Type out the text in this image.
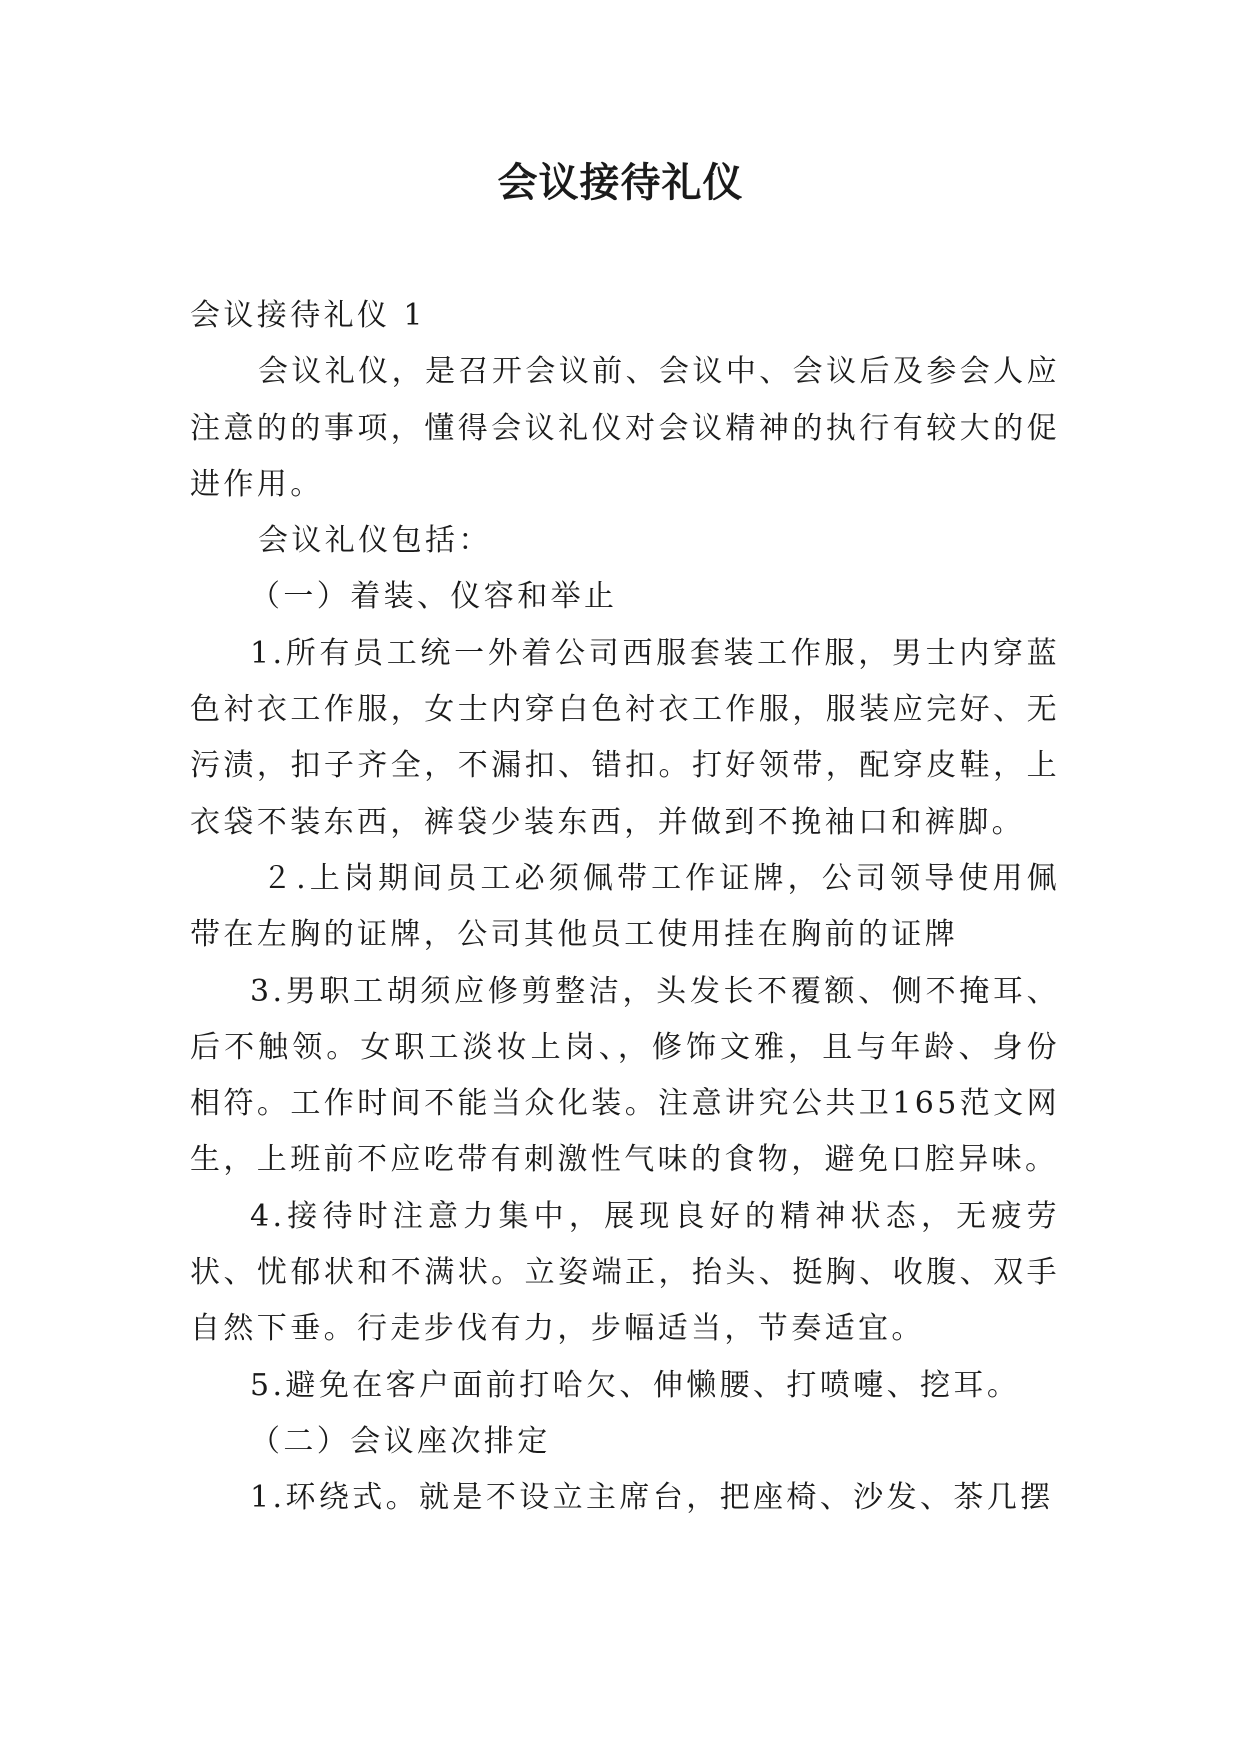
会议接待礼仪

会议接待礼仪 1

会议礼仪，是召开会议前、会议中、会议后及参会人应注意的的事项，懂得会议礼仪对会议精神的执行有较大的促进作用。

会议礼仪包括：

（一）着装、仪容和举止

1.所有员工统一外着公司西服套装工作服，男士内穿蓝色衬衣工作服，女士内穿白色衬衣工作服，服装应完好、无污渍，扣子齐全，不漏扣、错扣。打好领带，配穿皮鞋，上衣袋不装东西，裤袋少装东西，并做到不挽袖口和裤脚。

２.上岗期间员工必须佩带工作证牌，公司领导使用佩带在左胸的证牌，公司其他员工使用挂在胸前的证牌

3.男职工胡须应修剪整洁，头发长不覆额、侧不掩耳、后不触领。女职工淡妆上岗、，修饰文雅，且与年龄、身份相符。工作时间不能当众化装。注意讲究公共卫165范文网生，上班前不应吃带有刺激性气味的食物，避免口腔异味。

4.接待时注意力集中，展现良好的精神状态，无疲劳状、忧郁状和不满状。立姿端正，抬头、挺胸、收腹、双手自然下垂。行走步伐有力，步幅适当，节奏适宜。

5.避免在客户面前打哈欠、伸懒腰、打喷嚏、挖耳。

（二）会议座次排定

1.环绕式。就是不设立主席台，把座椅、沙发、茶几摆
